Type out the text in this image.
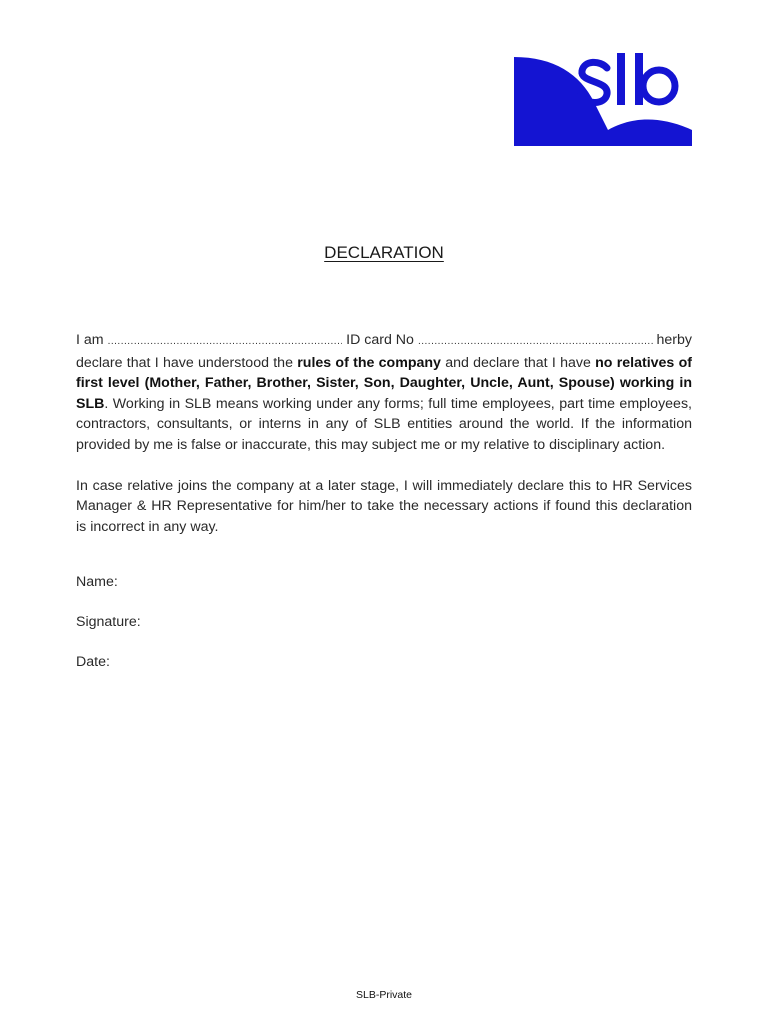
DECLARATION

I am .....	ID card No .....	herby

declare that I have understood the rules of the company and declare that I have no relatives of first level (Mother, Father, Brother, Sister, Son, Daughter, Uncle, Aunt, Spouse) working in SLB. Working in SLB means working under any forms; full time employees, part time employees, contractors, consultants, or interns in any of SLB entities around the world. If the information provided by me is false or inaccurate, this may subject me or my relative to disciplinary action.

In case relative joins the company at a later stage, I will immediately declare this to HR Services Manager & HR Representative for him/her to take the necessary actions if found this declaration is incorrect in any way.

Name:
Signature:
Date:
SLB-Private
